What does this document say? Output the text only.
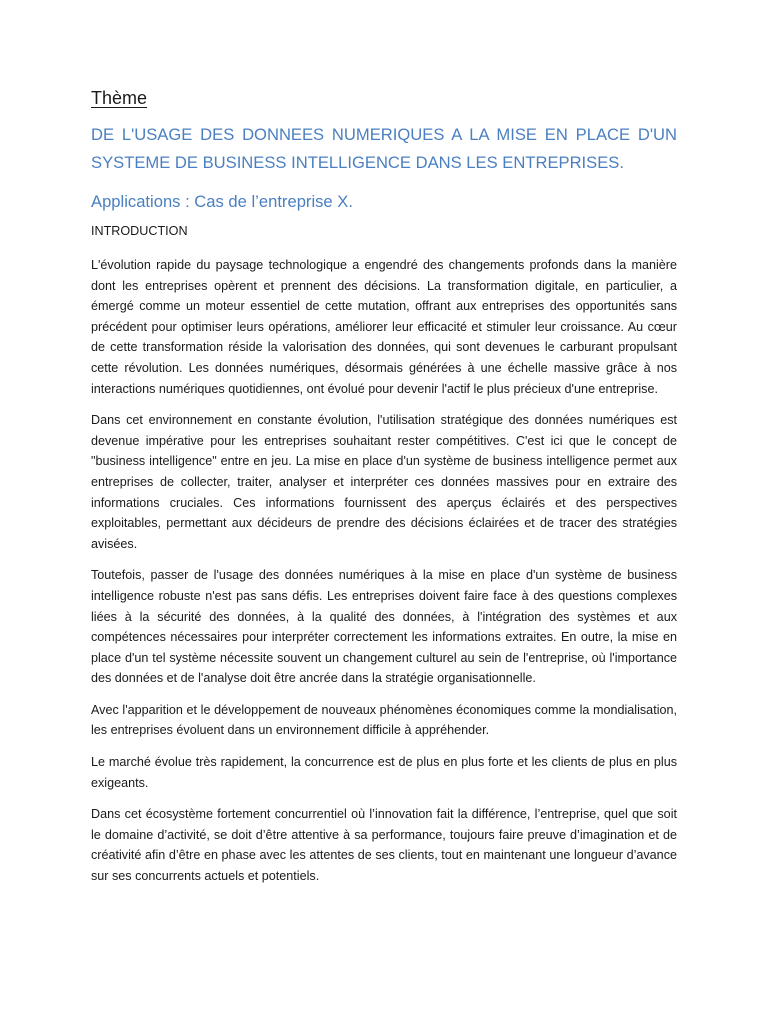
Thème
DE L'USAGE DES DONNEES NUMERIQUES A LA MISE EN PLACE D'UN SYSTEME DE BUSINESS INTELLIGENCE DANS LES ENTREPRISES.
Applications : Cas de l’entreprise X.
INTRODUCTION

L'évolution rapide du paysage technologique a engendré des changements profonds dans la manière dont les entreprises opèrent et prennent des décisions. La transformation digitale, en particulier, a émergé comme un moteur essentiel de cette mutation, offrant aux entreprises des opportunités sans précédent pour optimiser leurs opérations, améliorer leur efficacité et stimuler leur croissance. Au cœur de cette transformation réside la valorisation des données, qui sont devenues le carburant propulsant cette révolution. Les données numériques, désormais générées à une échelle massive grâce à nos interactions numériques quotidiennes, ont évolué pour devenir l'actif le plus précieux d'une entreprise.

Dans cet environnement en constante évolution, l'utilisation stratégique des données numériques est devenue impérative pour les entreprises souhaitant rester compétitives. C'est ici que le concept de "business intelligence" entre en jeu. La mise en place d'un système de business intelligence permet aux entreprises de collecter, traiter, analyser et interpréter ces données massives pour en extraire des informations cruciales. Ces informations fournissent des aperçus éclairés et des perspectives exploitables, permettant aux décideurs de prendre des décisions éclairées et de tracer des stratégies avisées.

Toutefois, passer de l'usage des données numériques à la mise en place d'un système de business intelligence robuste n'est pas sans défis. Les entreprises doivent faire face à des questions complexes liées à la sécurité des données, à la qualité des données, à l'intégration des systèmes et aux compétences nécessaires pour interpréter correctement les informations extraites. En outre, la mise en place d'un tel système nécessite souvent un changement culturel au sein de l'entreprise, où l'importance des données et de l'analyse doit être ancrée dans la stratégie organisationnelle.

Avec l'apparition et le développement de nouveaux phénomènes économiques comme la mondialisation, les entreprises évoluent dans un environnement difficile à appréhender.

Le marché évolue très rapidement, la concurrence est de plus en plus forte et les clients de plus en plus exigeants.

Dans cet écosystème fortement concurrentiel où l’innovation fait la différence, l’entreprise, quel que soit le domaine d’activité, se doit d’être attentive à sa performance, toujours faire preuve d’imagination et de créativité afin d’être en phase avec les attentes de ses clients, tout en maintenant une longueur d’avance sur ses concurrents actuels et potentiels.
